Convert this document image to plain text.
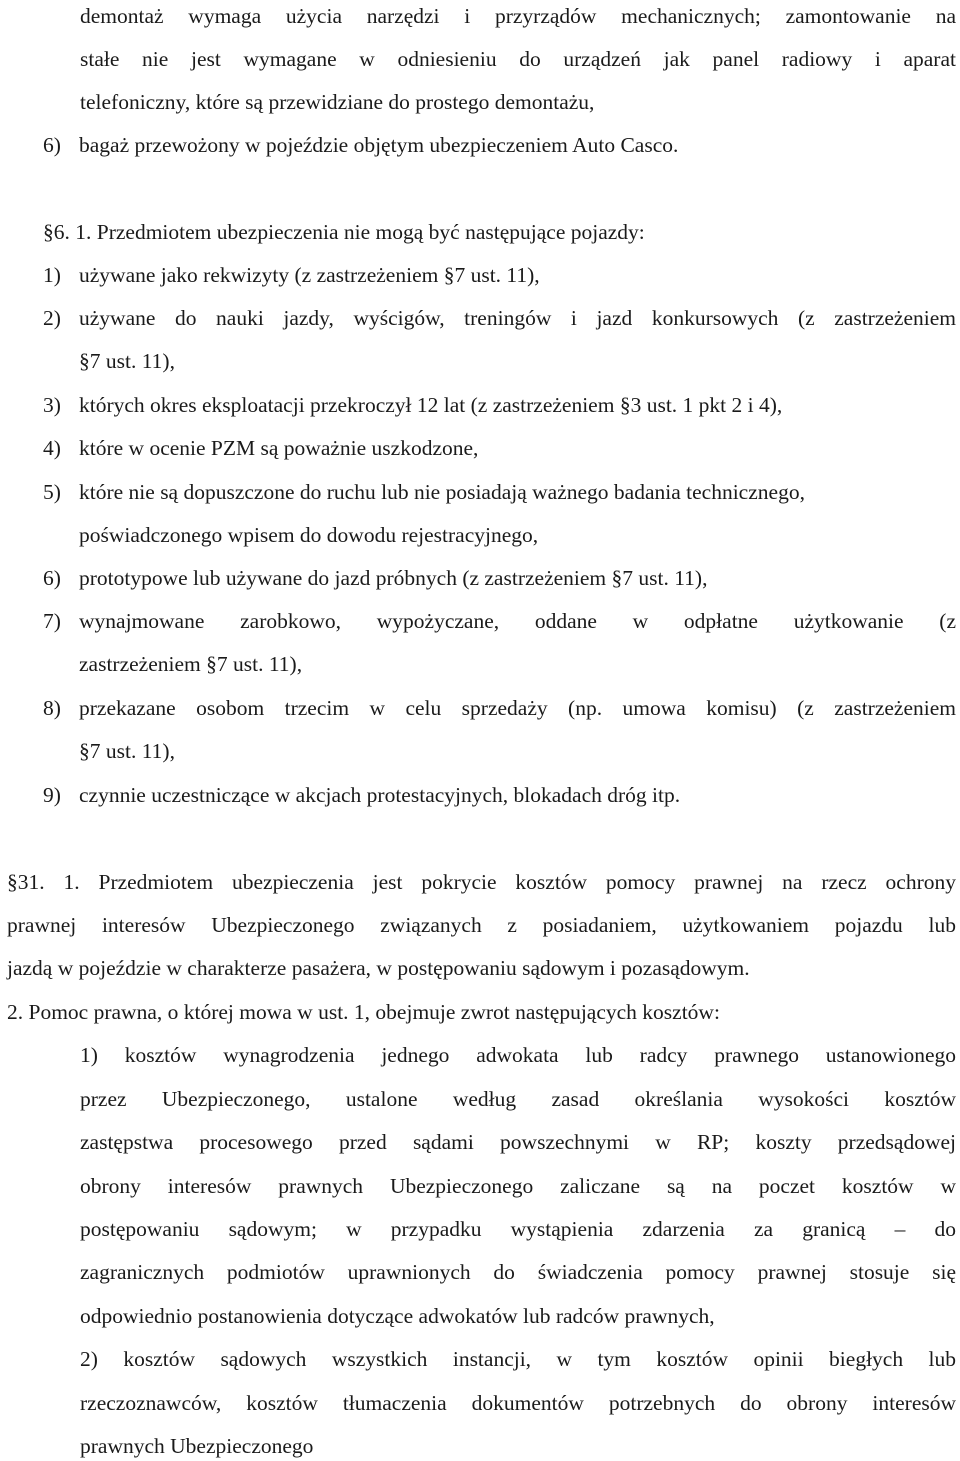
demontaż wymaga użycia narzędzi i przyrządów mechanicznych; zamontowanie na
stałe nie jest wymagane w odniesieniu do urządzeń jak panel radiowy i aparat
telefoniczny, które są przewidziane do prostego demontażu,
6) bagaż przewożony w pojeździe objętym ubezpieczeniem Auto Casco.
§6. 1. Przedmiotem ubezpieczenia nie mogą być następujące pojazdy:
1) używane jako rekwizyty (z zastrzeżeniem §7 ust. 11),
2) używane do nauki jazdy, wyścigów, treningów i jazd konkursowych (z zastrzeżeniem
§7 ust. 11),
3) których okres eksploatacji przekroczył 12 lat (z zastrzeżeniem §3 ust. 1 pkt 2 i 4),
4) które w ocenie PZM są poważnie uszkodzone,
5) które nie są dopuszczone do ruchu lub nie posiadają ważnego badania technicznego,
poświadczonego wpisem do dowodu rejestracyjnego,
6) prototypowe lub używane do jazd próbnych (z zastrzeżeniem §7 ust. 11),
7) wynajmowane zarobkowo, wypożyczane, oddane w odpłatne użytkowanie (z
zastrzeżeniem §7 ust. 11),
8) przekazane osobom trzecim w celu sprzedaży (np. umowa komisu) (z zastrzeżeniem
§7 ust. 11),
9) czynnie uczestniczące w akcjach protestacyjnych, blokadach dróg itp.
§31. 1. Przedmiotem ubezpieczenia jest pokrycie kosztów pomocy prawnej na rzecz ochrony
prawnej interesów Ubezpieczonego związanych z posiadaniem, użytkowaniem pojazdu lub
jazdą w pojeździe w charakterze pasażera, w postępowaniu sądowym i pozasądowym.
2. Pomoc prawna, o której mowa w ust. 1, obejmuje zwrot następujących kosztów:
1) kosztów wynagrodzenia jednego adwokata lub radcy prawnego ustanowionego
przez Ubezpieczonego, ustalone według zasad określania wysokości kosztów
zastępstwa procesowego przed sądami powszechnymi w RP; koszty przedsądowej
obrony interesów prawnych Ubezpieczonego zaliczane są na poczet kosztów w
postępowaniu sądowym; w przypadku wystąpienia zdarzenia za granicą – do
zagranicznych podmiotów uprawnionych do świadczenia pomocy prawnej stosuje się
odpowiednio postanowienia dotyczące adwokatów lub radców prawnych,
2) kosztów sądowych wszystkich instancji, w tym kosztów opinii biegłych lub
rzeczoznawców, kosztów tłumaczenia dokumentów potrzebnych do obrony interesów
prawnych Ubezpieczonego
